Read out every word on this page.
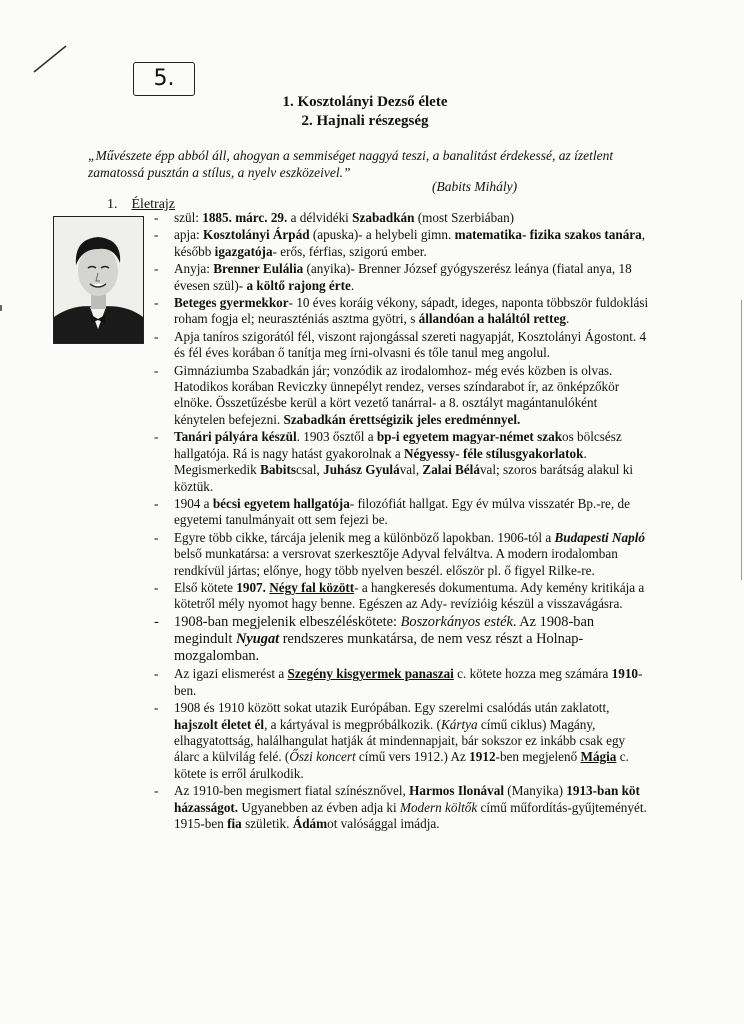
5.
1. Kosztolányi Dezső élete
2. Hajnali részegség
„Művészete épp abból áll, ahogyan a semmiséget naggyá teszi, a banalitást érdekessé, az ízetlent zamatossá pusztán a stílus, a nyelv eszközeivel.”
(Babits Mihály)
1. Életrajz
- szül: 1885. márc. 29. a délvidéki Szabadkán (most Szerbiában)
- apja: Kosztolányi Árpád (apuska)- a helybeli gimn. matematika- fizika szakos tanára, később igazgatója- erős, férfias, szigorú ember.
- Anyja: Brenner Eulália (anyika)- Brenner József gyógyszerész leánya (fiatal anya, 18 évesen szül)- a költő rajong érte.
- Beteges gyermekkor- 10 éves koráig vékony, sápadt, ideges, naponta többször fuldoklási roham fogja el; neuraszténiás asztma gyötri, s állandóan a haláltól retteg.
- Apja taníros szigorától fél, viszont rajongással szereti nagyapját, Kosztolányi Ágostont. 4 és fél éves korában ő tanítja meg írni-olvasni és tőle tanul meg angolul.
- Gimnáziumba Szabadkán jár; vonzódik az irodalomhoz- még evés közben is olvas. Hatodikos korában Reviczky ünnepélyt rendez, verses színdarabot ír, az önképzőkör elnöke. Összetűzésbe kerül a kört vezető tanárral- a 8. osztályt magántanulóként kénytelen befejezni. Szabadkán érettségizik jeles eredménnyel.
- Tanári pályára készül. 1903 ősztől a bp-i egyetem magyar-német szakos bölcsész hallgatója. Rá is nagy hatást gyakorolnak a Négyessy- féle stílusgyakorlatok. Megismerkedik Babitscsal, Juhász Gyulával, Zalai Bélával; szoros barátság alakul ki köztük.
- 1904 a bécsi egyetem hallgatója- filozófiát hallgat. Egy év múlva visszatér Bp.-re, de egyetemi tanulmányait ott sem fejezi be.
- Egyre több cikke, tárcája jelenik meg a különböző lapokban. 1906-tól a Budapesti Napló belső munkatársa: a versrovat szerkesztője Adyval felváltva. A modern irodalomban rendkívül jártas; előnye, hogy több nyelven beszél. először pl. ő figyel Rilke-re.
- Első kötete 1907. Négy fal között- a hangkeresés dokumentuma. Ady kemény kritikája a kötetről mély nyomot hagy benne. Egészen az Ady- revízióig készül a visszavágásra.
- 1908-ban megjelenik elbeszéléskötete: Boszorkányos esték. Az 1908-ban megindult Nyugat rendszeres munkatársa, de nem vesz részt a Holnap- mozgalomban.
- Az igazi elismerést a Szegény kisgyermek panaszai c. kötete hozza meg számára 1910-ben.
- 1908 és 1910 között sokat utazik Európában. Egy szerelmi csalódás után zaklatott, hajszolt életet él, a kártyával is megpróbálkozik. (Kártya című ciklus) Magány, elhagyatottság, halálhangulat hatják át mindennapjait, bár sokszor ez inkább csak egy álarc a külvilág felé. (Őszi koncert című vers 1912.) Az 1912-ben megjelenő Mágia c. kötete is erről árulkodik.
- Az 1910-ben megismert fiatal színésznővel, Harmos Ilonával (Manyika) 1913-ban köt házasságot. Ugyanebben az évben adja ki Modern költők című műfordítás-gyűjteményét. 1915-ben fia születik. Ádámot valósággal imádja.
